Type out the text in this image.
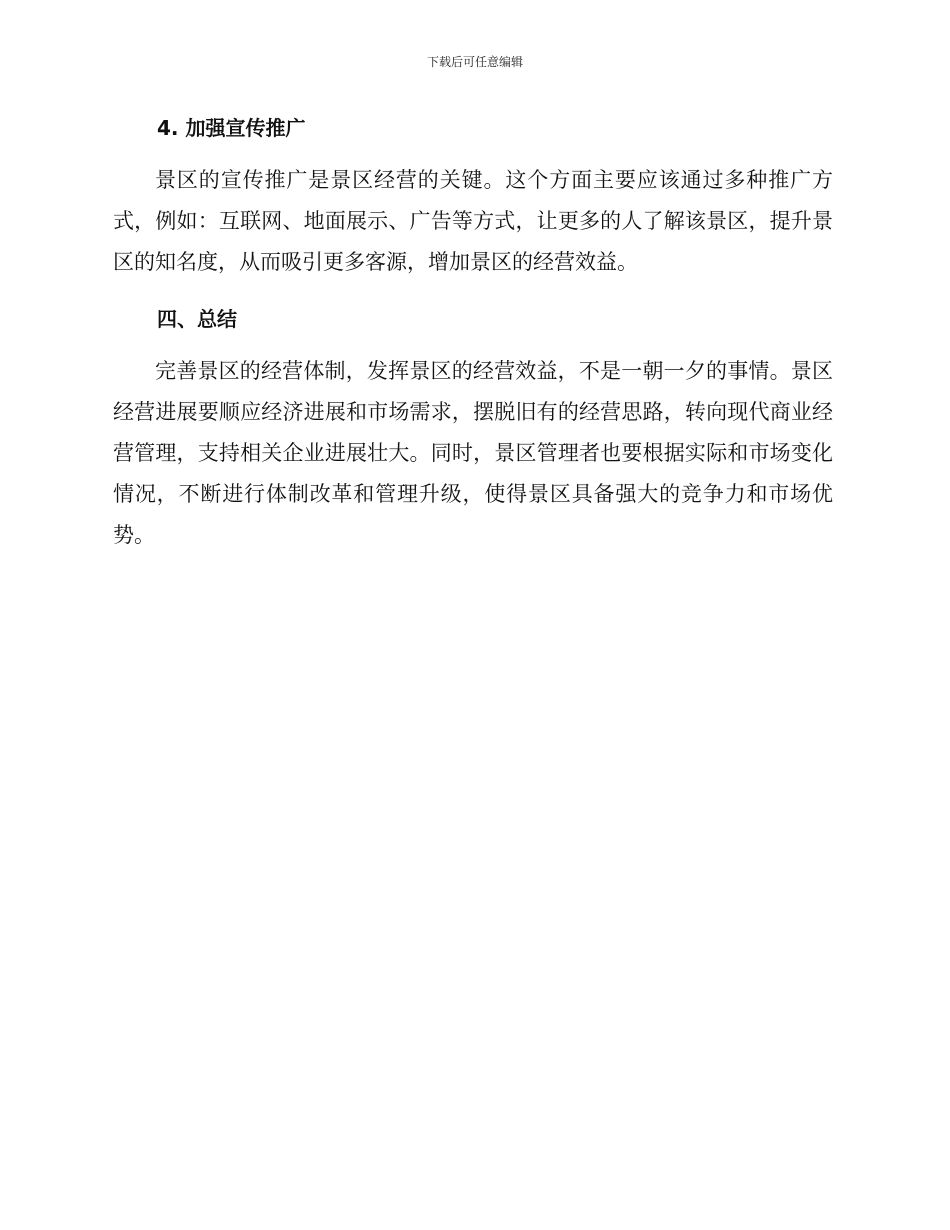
下载后可任意编辑
4. 加强宣传推广

景区的宣传推广是景区经营的关键。这个方面主要应该通过多种推广方式，例如：互联网、地面展示、广告等方式，让更多的人了解该景区，提升景区的知名度，从而吸引更多客源，增加景区的经营效益。

四、总结

完善景区的经营体制，发挥景区的经营效益，不是一朝一夕的事情。景区经营进展要顺应经济进展和市场需求，摆脱旧有的经营思路，转向现代商业经营管理，支持相关企业进展壮大。同时，景区管理者也要根据实际和市场变化情况，不断进行体制改革和管理升级，使得景区具备强大的竞争力和市场优势。
